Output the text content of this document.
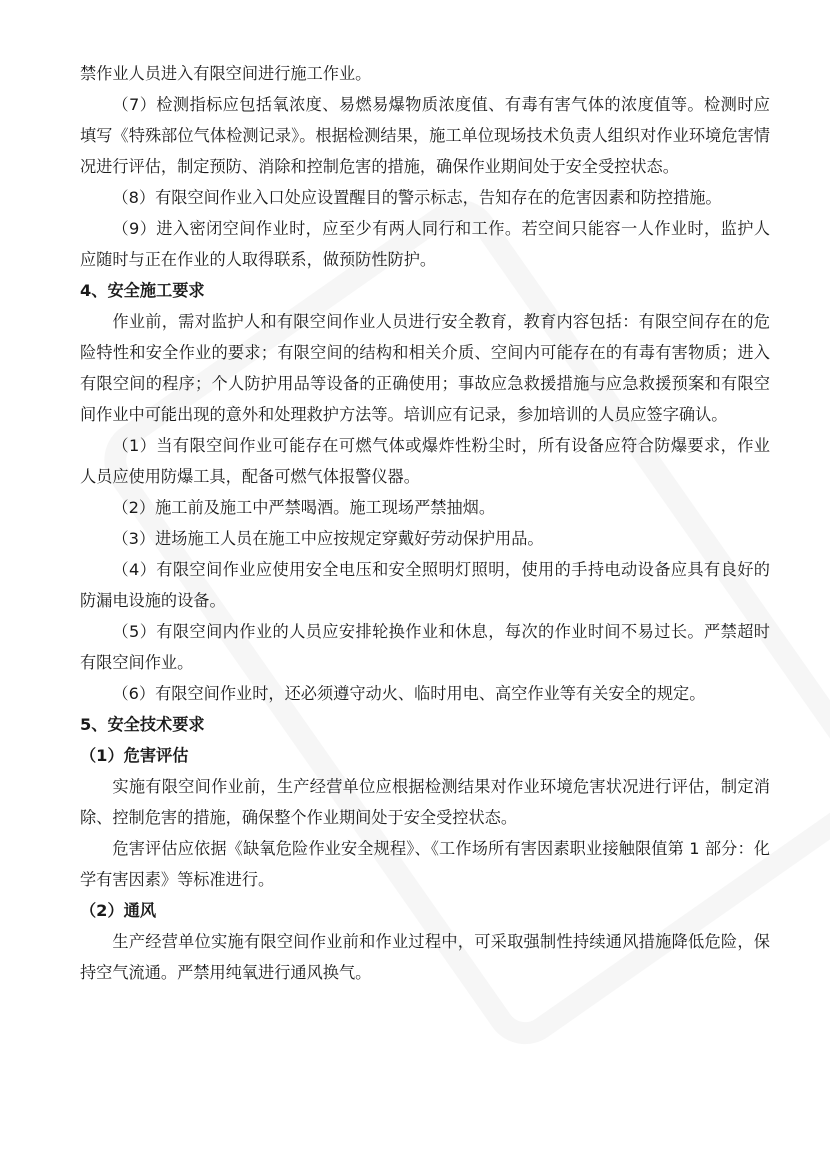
禁作业人员进入有限空间进行施工作业。

（7）检测指标应包括氧浓度、易燃易爆物质浓度值、有毒有害气体的浓度值等。检测时应填写《特殊部位气体检测记录》。根据检测结果，施工单位现场技术负责人组织对作业环境危害情况进行评估，制定预防、消除和控制危害的措施，确保作业期间处于安全受控状态。

（8）有限空间作业入口处应设置醒目的警示标志，告知存在的危害因素和防控措施。

（9）进入密闭空间作业时，应至少有两人同行和工作。若空间只能容一人作业时，监护人应随时与正在作业的人取得联系，做预防性防护。

4、安全施工要求

作业前，需对监护人和有限空间作业人员进行安全教育，教育内容包括：有限空间存在的危险特性和安全作业的要求；有限空间的结构和相关介质、空间内可能存在的有毒有害物质；进入有限空间的程序；个人防护用品等设备的正确使用；事故应急救援措施与应急救援预案和有限空间作业中可能出现的意外和处理救护方法等。培训应有记录，参加培训的人员应签字确认。

（1）当有限空间作业可能存在可燃气体或爆炸性粉尘时，所有设备应符合防爆要求，作业人员应使用防爆工具，配备可燃气体报警仪器。

（2）施工前及施工中严禁喝酒。施工现场严禁抽烟。

（3）进场施工人员在施工中应按规定穿戴好劳动保护用品。

（4）有限空间作业应使用安全电压和安全照明灯照明，使用的手持电动设备应具有良好的防漏电设施的设备。

（5）有限空间内作业的人员应安排轮换作业和休息，每次的作业时间不易过长。严禁超时有限空间作业。

（6）有限空间作业时，还必须遵守动火、临时用电、高空作业等有关安全的规定。

5、安全技术要求

（1）危害评估

实施有限空间作业前，生产经营单位应根据检测结果对作业环境危害状况进行评估，制定消除、控制危害的措施，确保整个作业期间处于安全受控状态。

危害评估应依据《缺氧危险作业安全规程》、《工作场所有害因素职业接触限值第 1 部分：化学有害因素》等标准进行。

（2）通风

生产经营单位实施有限空间作业前和作业过程中，可采取强制性持续通风措施降低危险，保持空气流通。严禁用纯氧进行通风换气。
